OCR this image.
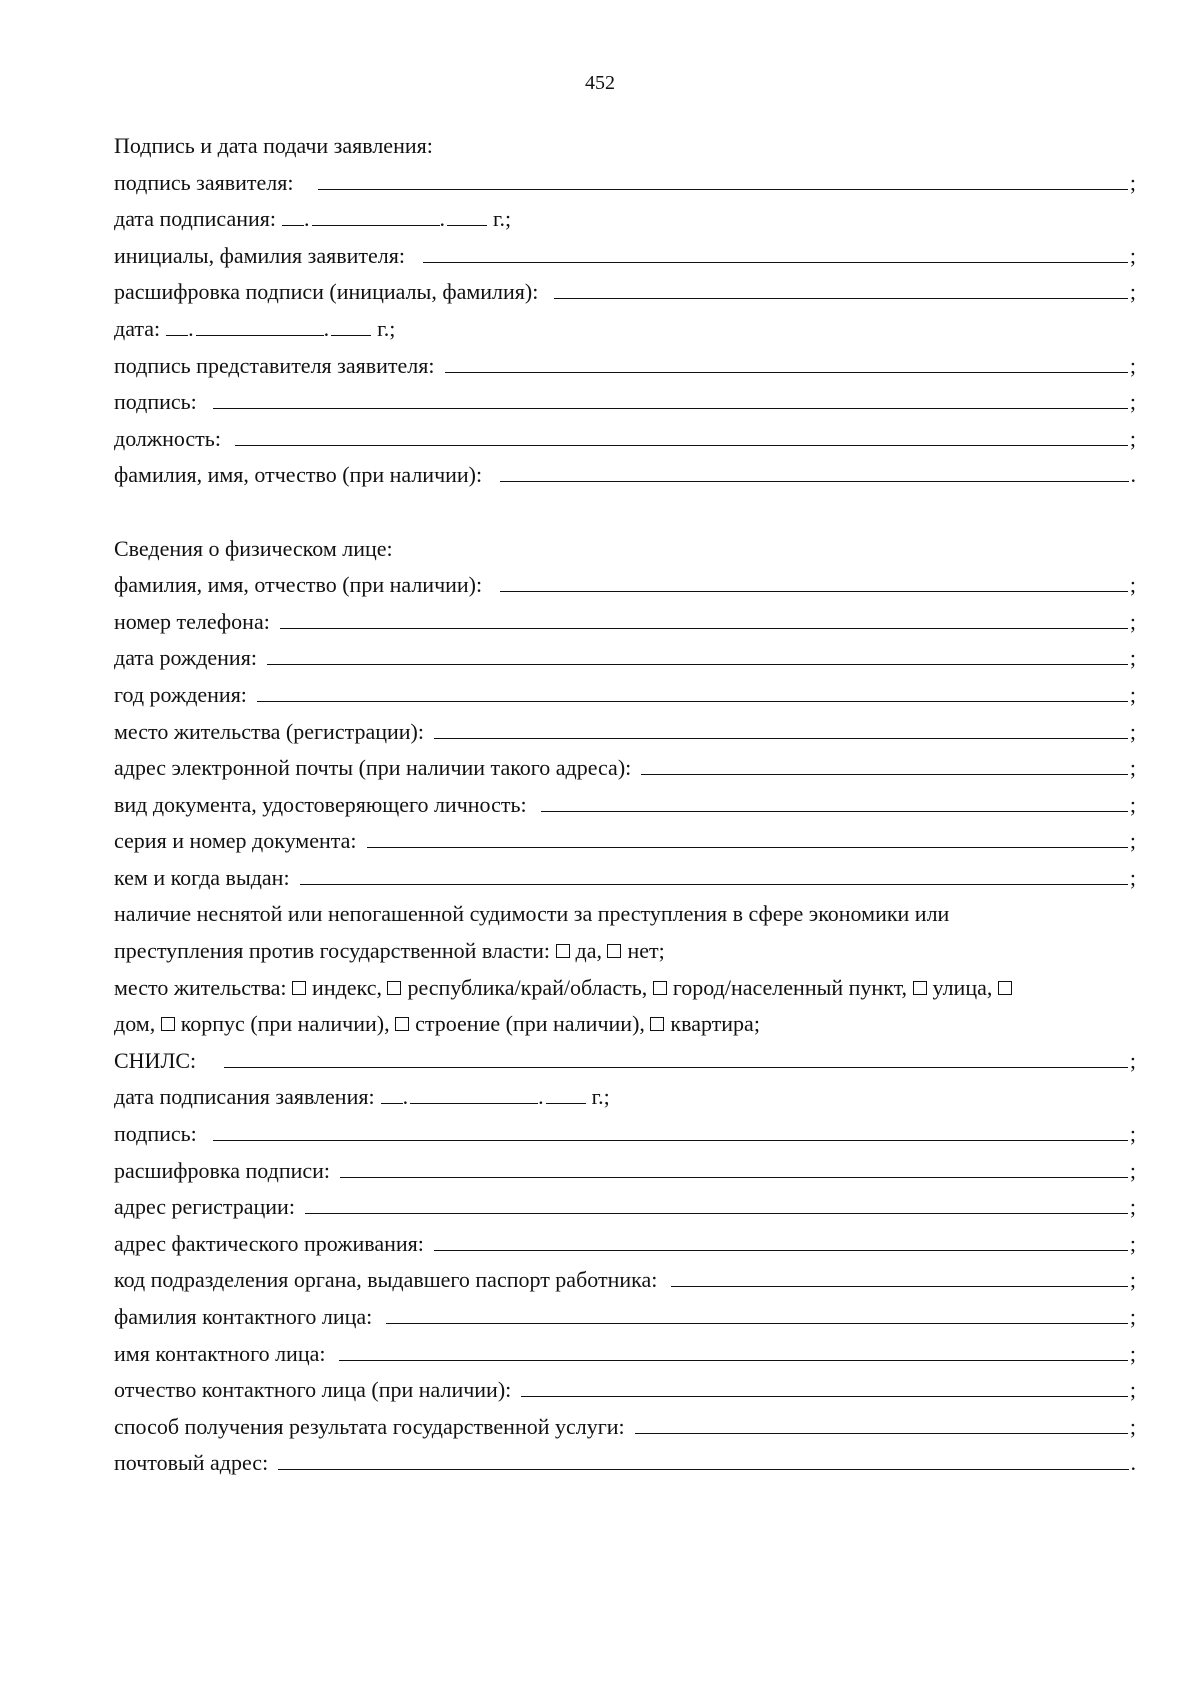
452
Подпись и дата подачи заявления:
подпись заявителя:	;
дата подписания: .	. г.;
инициалы, фамилия заявителя:	;
расшифровка подписи (инициалы, фамилия):	;
дата: .	. г.;
подпись представителя заявителя:	;
подпись:	;
должность:	;
фамилия, имя, отчество (при наличии):	.
Сведения о физическом лице:
фамилия, имя, отчество (при наличии):	;
номер телефона:	;
дата рождения:	;
год рождения:	;
место жительства (регистрации):	;
адрес электронной почты (при наличии такого адреса):	;
вид документа, удостоверяющего личность:	;
серия и номер документа:	;
кем и когда выдан:	;
наличие неснятой или непогашенной судимости за преступления в сфере экономики или
преступления против государственной власти:
да,
нет;
место жительства:
индекс,
республика/край/область,
город/населенный пункт,
улица,

дом,
корпус (при наличии),
строение (при наличии),
квартира;
СНИЛС:	;
дата подписания заявления: .	. г.;
подпись:	;
расшифровка подписи:	;
адрес регистрации:	;
адрес фактического проживания:	;
код подразделения органа, выдавшего паспорт работника:	;
фамилия контактного лица:	;
имя контактного лица:	;
отчество контактного лица (при наличии):	;
способ получения результата государственной услуги:	;
почтовый адрес:	.
